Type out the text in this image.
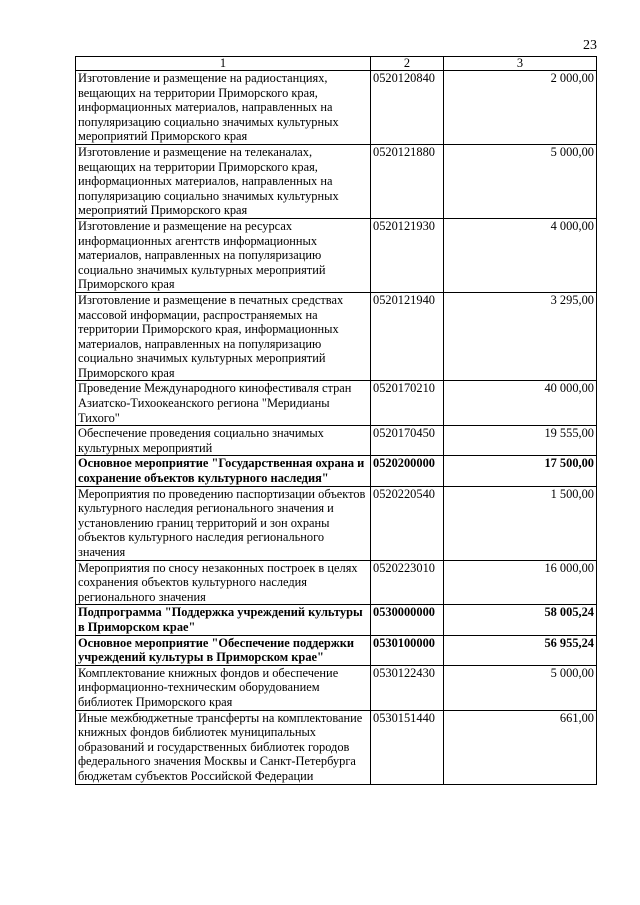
23
1	2	3
Изготовление и размещение на радиостанциях, вещающих на территории Приморского края, информационных материалов, направленных на популяризацию социально значимых культурных мероприятий Приморского края	0520120840	2 000,00
Изготовление и размещение на телеканалах, вещающих на территории Приморского края, информационных материалов, направленных на популяризацию социально значимых культурных мероприятий Приморского края	0520121880	5 000,00
Изготовление и размещение на ресурсах информационных агентств информационных материалов, направленных на популяризацию социально значимых культурных мероприятий Приморского края	0520121930	4 000,00
Изготовление и размещение в печатных средствах массовой информации, распространяемых на территории Приморского края, информационных материалов, направленных на популяризацию социально значимых культурных мероприятий Приморского края	0520121940	3 295,00
Проведение Международного кинофестиваля стран Азиатско-Тихоокеанского региона "Меридианы Тихого"	0520170210	40 000,00
Обеспечение проведения социально значимых культурных мероприятий	0520170450	19 555,00
Основное мероприятие "Государственная охрана и сохранение объектов культурного наследия"	0520200000	17 500,00
Мероприятия по проведению паспортизации объектов культурного наследия регионального значения и установлению границ территорий и зон охраны объектов культурного наследия регионального значения	0520220540	1 500,00
Мероприятия по сносу незаконных построек в целях сохранения объектов культурного наследия регионального значения	0520223010	16 000,00
Подпрограмма "Поддержка учреждений культуры в Приморском крае"	0530000000	58 005,24
Основное мероприятие "Обеспечение поддержки учреждений культуры в Приморском крае"	0530100000	56 955,24
Комплектование книжных фондов и обеспечение информационно-техническим оборудованием библиотек Приморского края	0530122430	5 000,00
Иные межбюджетные трансферты на комплектование книжных фондов библиотек муниципальных образований и государственных библиотек городов федерального значения Москвы и Санкт-Петербурга бюджетам субъектов Российской Федерации	0530151440	661,00
